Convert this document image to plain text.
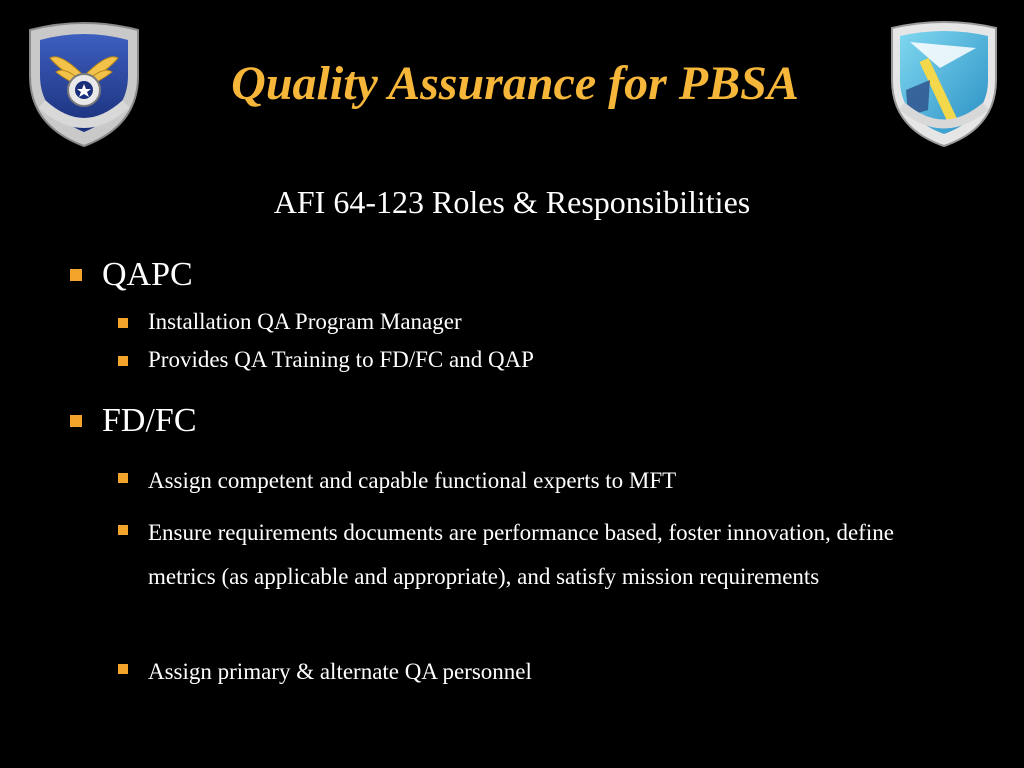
Quality Assurance for PBSA
AFI 64-123 Roles & Responsibilities
QAPC
Installation QA Program Manager
Provides QA Training to FD/FC and QAP
FD/FC
Assign competent and capable functional experts to MFT
Ensure requirements documents are performance based, foster innovation, define metrics (as applicable and appropriate), and satisfy mission requirements
Assign primary & alternate QA personnel
